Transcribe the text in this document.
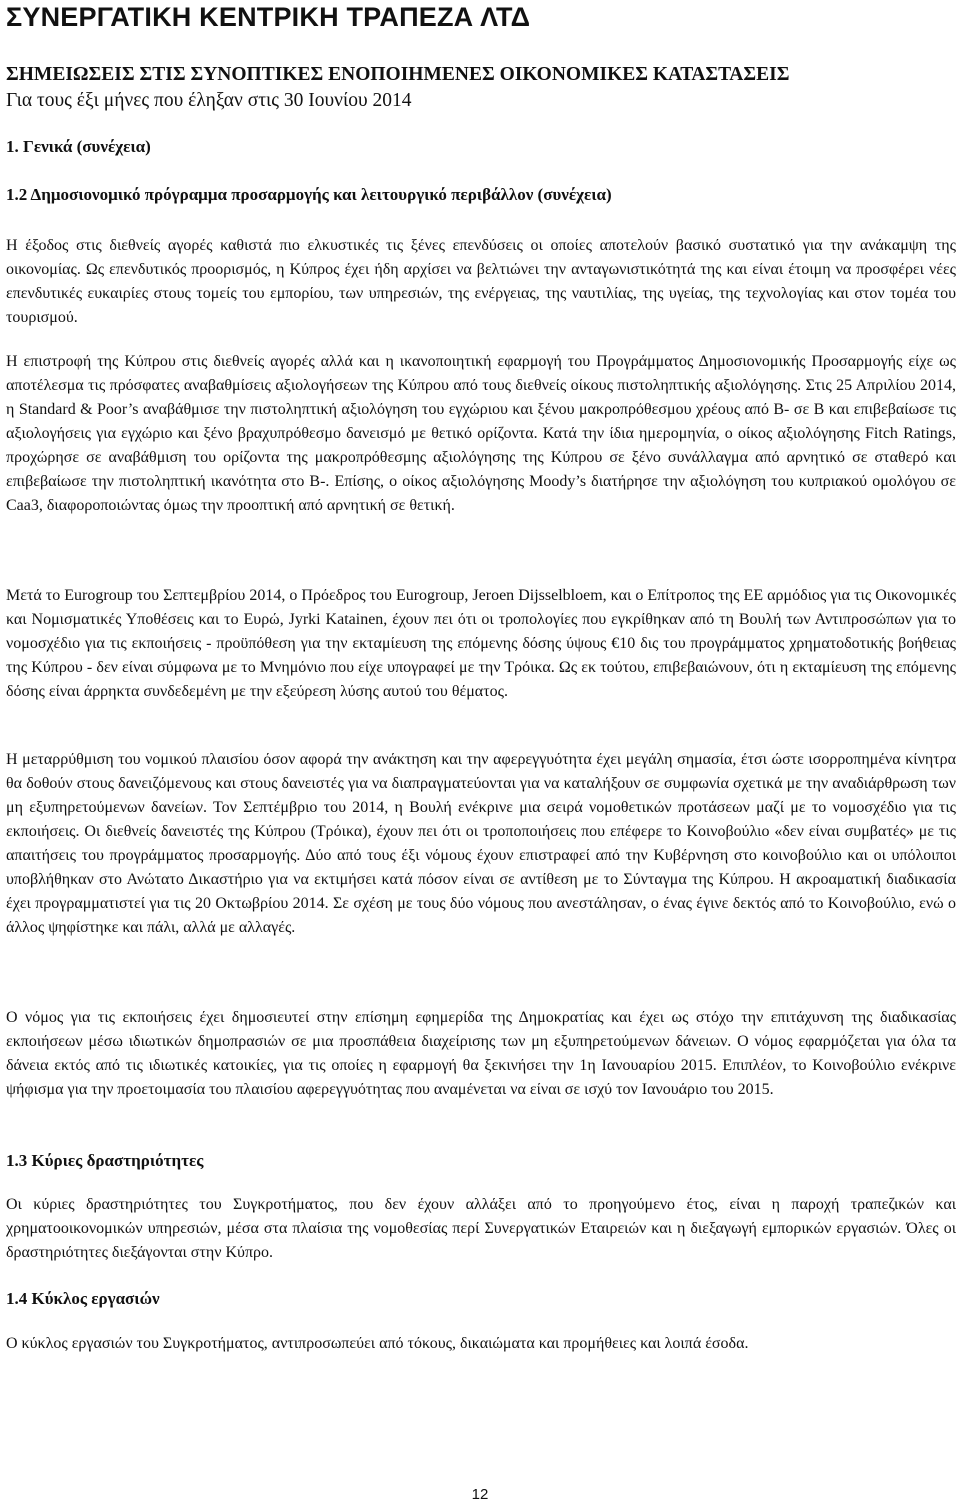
ΣΥΝΕΡΓΑΤΙΚΗ ΚΕΝΤΡΙΚΗ ΤΡΑΠΕΖΑ ΛΤΔ
ΣΗΜΕΙΩΣΕΙΣ ΣΤΙΣ ΣΥΝΟΠΤΙΚΕΣ ΕΝΟΠΟΙΗΜΕΝΕΣ ΟΙΚΟΝΟΜΙΚΕΣ ΚΑΤΑΣΤΑΣΕΙΣ
Για τους έξι μήνες που έληξαν στις 30 Ιουνίου 2014
1. Γενικά (συνέχεια)
1.2 Δημοσιονομικό πρόγραμμα προσαρμογής και λειτουργικό περιβάλλον (συνέχεια)

Η έξοδος στις διεθνείς αγορές καθιστά πιο ελκυστικές τις ξένες επενδύσεις οι οποίες αποτελούν βασικό συστατικό για την ανάκαμψη της οικονομίας. Ως επενδυτικός προορισμός, η Κύπρος έχει ήδη αρχίσει να βελτιώνει την ανταγωνιστικότητά της και είναι έτοιμη να προσφέρει νέες επενδυτικές ευκαιρίες στους τομείς του εμπορίου, των υπηρεσιών, της ενέργειας, της ναυτιλίας, της υγείας, της τεχνολογίας και στον τομέα του τουρισμού.

Η επιστροφή της Κύπρου στις διεθνείς αγορές αλλά και η ικανοποιητική εφαρμογή του Προγράμματος Δημοσιονομικής Προσαρμογής είχε ως αποτέλεσμα τις πρόσφατες αναβαθμίσεις αξιολογήσεων της Κύπρου από τους διεθνείς οίκους πιστοληπτικής αξιολόγησης. Στις 25 Απριλίου 2014, η Standard & Poor’s αναβάθμισε την πιστοληπτική αξιολόγηση του εγχώριου και ξένου μακροπρόθεσμου χρέους από Β- σε Β και επιβεβαίωσε τις αξιολογήσεις για εγχώριο και ξένο βραχυπρόθεσμο δανεισμό με θετικό ορίζοντα. Κατά την ίδια ημερομηνία, ο οίκος αξιολόγησης Fitch Ratings, προχώρησε σε αναβάθμιση του ορίζοντα της μακροπρόθεσμης αξιολόγησης της Κύπρου σε ξένο συνάλλαγμα από αρνητικό σε σταθερό και επιβεβαίωσε την πιστοληπτική ικανότητα στο Β-. Επίσης, ο οίκος αξιολόγησης Moody’s διατήρησε την αξιολόγηση του κυπριακού ομολόγου σε Caa3, διαφοροποιώντας όμως την προοπτική από αρνητική σε θετική.

Μετά το Eurogroup του Σεπτεμβρίου 2014, ο Πρόεδρος του Eurogroup, Jeroen Dijsselbloem, και ο Επίτροπος της ΕΕ αρμόδιος για τις Οικονομικές και Νομισματικές Υποθέσεις και το Ευρώ, Jyrki Katainen, έχουν πει ότι οι τροπολογίες που εγκρίθηκαν από τη Βουλή των Αντιπροσώπων για το νομοσχέδιο για τις εκποιήσεις - προϋπόθεση για την εκταμίευση της επόμενης δόσης ύψους €10 δις του προγράμματος χρηματοδοτικής βοήθειας της Κύπρου - δεν είναι σύμφωνα με το Μνημόνιο που είχε υπογραφεί με την Τρόικα. Ως εκ τούτου, επιβεβαιώνουν, ότι η εκταμίευση της επόμενης δόσης είναι άρρηκτα συνδεδεμένη με την εξεύρεση λύσης αυτού του θέματος.

Η μεταρρύθμιση του νομικού πλαισίου όσον αφορά την ανάκτηση και την αφερεγγυότητα έχει μεγάλη σημασία, έτσι ώστε ισορροπημένα κίνητρα θα δοθούν στους δανειζόμενους και στους δανειστές για να διαπραγματεύονται για να καταλήξουν σε συμφωνία σχετικά με την αναδιάρθρωση των μη εξυπηρετούμενων δανείων. Τον Σεπτέμβριο του 2014, η Βουλή ενέκρινε μια σειρά νομοθετικών προτάσεων μαζί με το νομοσχέδιο για τις εκποιήσεις. Οι διεθνείς δανειστές της Κύπρου (Τρόικα), έχουν πει ότι οι τροποποιήσεις που επέφερε το Κοινοβούλιο «δεν είναι συμβατές» με τις απαιτήσεις του προγράμματος προσαρμογής. Δύο από τους έξι νόμους έχουν επιστραφεί από την Κυβέρνηση στο κοινοβούλιο και οι υπόλοιποι υποβλήθηκαν στο Ανώτατο Δικαστήριο για να εκτιμήσει κατά πόσον είναι σε αντίθεση με το Σύνταγμα της Κύπρου. Η ακροαματική διαδικασία έχει προγραμματιστεί για τις 20 Οκτωβρίου 2014. Σε σχέση με τους δύο νόμους που ανεστάλησαν, ο ένας έγινε δεκτός από το Κοινοβούλιο, ενώ ο άλλος ψηφίστηκε και πάλι, αλλά με αλλαγές.

Ο νόμος για τις εκποιήσεις έχει δημοσιευτεί στην επίσημη εφημερίδα της Δημοκρατίας και έχει ως στόχο την επιτάχυνση της διαδικασίας εκποιήσεων μέσω ιδιωτικών δημοπρασιών σε μια προσπάθεια διαχείρισης των μη εξυπηρετούμενων δάνειων. Ο νόμος εφαρμόζεται για όλα τα δάνεια εκτός από τις ιδιωτικές κατοικίες, για τις οποίες η εφαρμογή θα ξεκινήσει την 1η Ιανουαρίου 2015. Επιπλέον, το Κοινοβούλιο ενέκρινε ψήφισμα για την προετοιμασία του πλαισίου αφερεγγυότητας που αναμένεται να είναι σε ισχύ τον Ιανουάριο του 2015.

1.3 Κύριες δραστηριότητες

Οι κύριες δραστηριότητες του Συγκροτήματος, που δεν έχουν αλλάξει από το προηγούμενο έτος, είναι η παροχή τραπεζικών και χρηματοοικονομικών υπηρεσιών, μέσα στα πλαίσια της νομοθεσίας περί Συνεργατικών Εταιρειών και η διεξαγωγή εμπορικών εργασιών. Όλες οι δραστηριότητες διεξάγονται στην Κύπρο.

1.4 Κύκλος εργασιών

Ο κύκλος εργασιών του Συγκροτήματος, αντιπροσωπεύει από τόκους, δικαιώματα και προμήθειες και λοιπά έσοδα.

12
